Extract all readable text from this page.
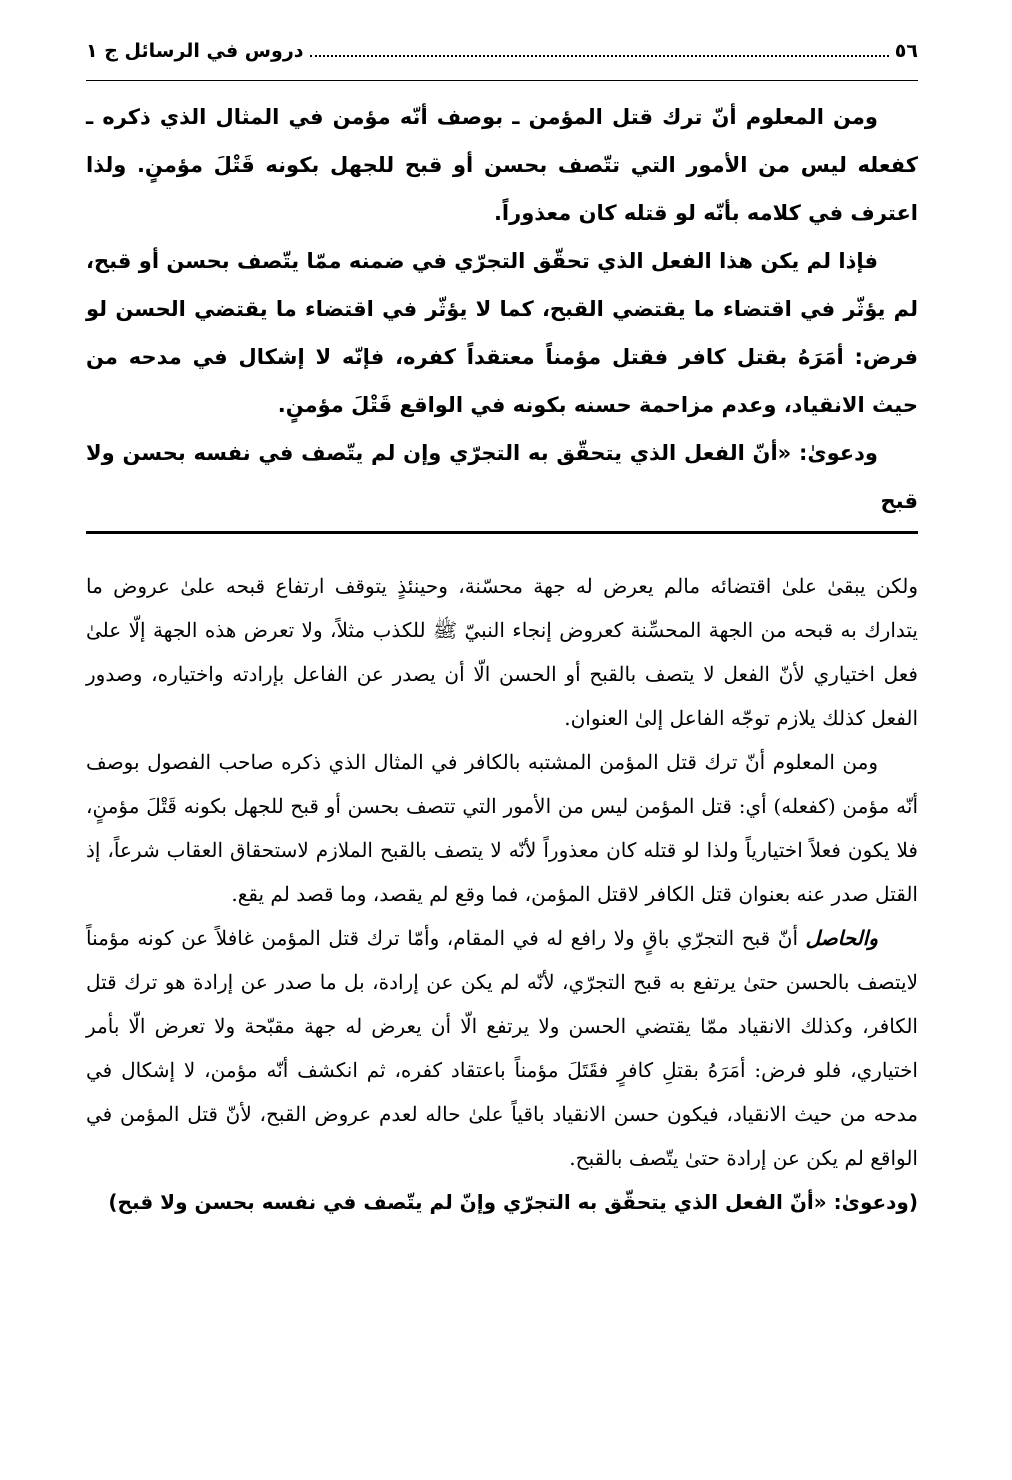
٥٦
دروس في الرسائل ج ١

ومن المعلوم أنّ ترك قتل المؤمن ـ بوصف أنّه مؤمن في المثال الذي ذكره ـ كفعله ليس من الأمور التي تتّصف بحسن أو قبح للجهل بكونه قَتْلَ مؤمنٍ. ولذا اعترف في كلامه بأنّه لو قتله كان معذوراً.

فإذا لم يكن هذا الفعل الذي تحقّق التجرّي في ضمنه ممّا يتّصف بحسن أو قبح، لم يؤثّر في اقتضاء ما يقتضي القبح، كما لا يؤثّر في اقتضاء ما يقتضي الحسن لو فرض: أمَرَهُ بقتل كافر فقتل مؤمناً معتقداً كفره، فإنّه لا إشكال في مدحه من حيث الانقياد، وعدم مزاحمة حسنه بكونه في الواقع قَتْلَ مؤمنٍ.

ودعوىٰ: «أنّ الفعل الذي يتحقّق به التجرّي وإن لم يتّصف في نفسه بحسن ولا قبح

ولكن يبقىٰ علىٰ اقتضائه مالم يعرض له جهة محسّنة، وحينئذٍ يتوقف ارتفاع قبحه علىٰ عروض ما يتدارك به قبحه من الجهة المحسِّنة كعروض إنجاء النبيّ ﷺ للكذب مثلاً، ولا تعرض هذه الجهة إلّا علىٰ فعل اختياري لأنّ الفعل لا يتصف بالقبح أو الحسن الّا أن يصدر عن الفاعل بإرادته واختياره، وصدور الفعل كذلك يلازم توجّه الفاعل إلىٰ العنوان.

ومن المعلوم أنّ ترك قتل المؤمن المشتبه بالكافر في المثال الذي ذكره صاحب الفصول بوصف أنّه مؤمن (كفعله) أي: قتل المؤمن ليس من الأمور التي تتصف بحسن أو قبح للجهل بكونه قَتْلَ مؤمنٍ، فلا يكون فعلاً اختيارياً ولذا لو قتله كان معذوراً لأنّه لا يتصف بالقبح الملازم لاستحقاق العقاب شرعاً، إذ القتل صدر عنه بعنوان قتل الكافر لاقتل المؤمن، فما وقع لم يقصد، وما قصد لم يقع.

والحاصل أنّ قبح التجرّي باقٍ ولا رافع له في المقام، وأمّا ترك قتل المؤمن غافلاً عن كونه مؤمناً لايتصف بالحسن حتىٰ يرتفع به قبح التجرّي، لأنّه لم يكن عن إرادة، بل ما صدر عن إرادة هو ترك قتل الكافر، وكذلك الانقياد ممّا يقتضي الحسن ولا يرتفع الّا أن يعرض له جهة مقبّحة ولا تعرض الّا بأمر اختياري، فلو فرض: أمَرَهُ بقتلِ كافرٍ فقَتَلَ مؤمناً باعتقاد كفره، ثم انكشف أنّه مؤمن، لا إشكال في مدحه من حيث الانقياد، فيكون حسن الانقياد باقياً علىٰ حاله لعدم عروض القبح، لأنّ قتل المؤمن في الواقع لم يكن عن إرادة حتىٰ يتّصف بالقبح.

(ودعوىٰ: «أنّ الفعل الذي يتحقّق به التجرّي وإنّ لم يتّصف في نفسه بحسن ولا قبح)
